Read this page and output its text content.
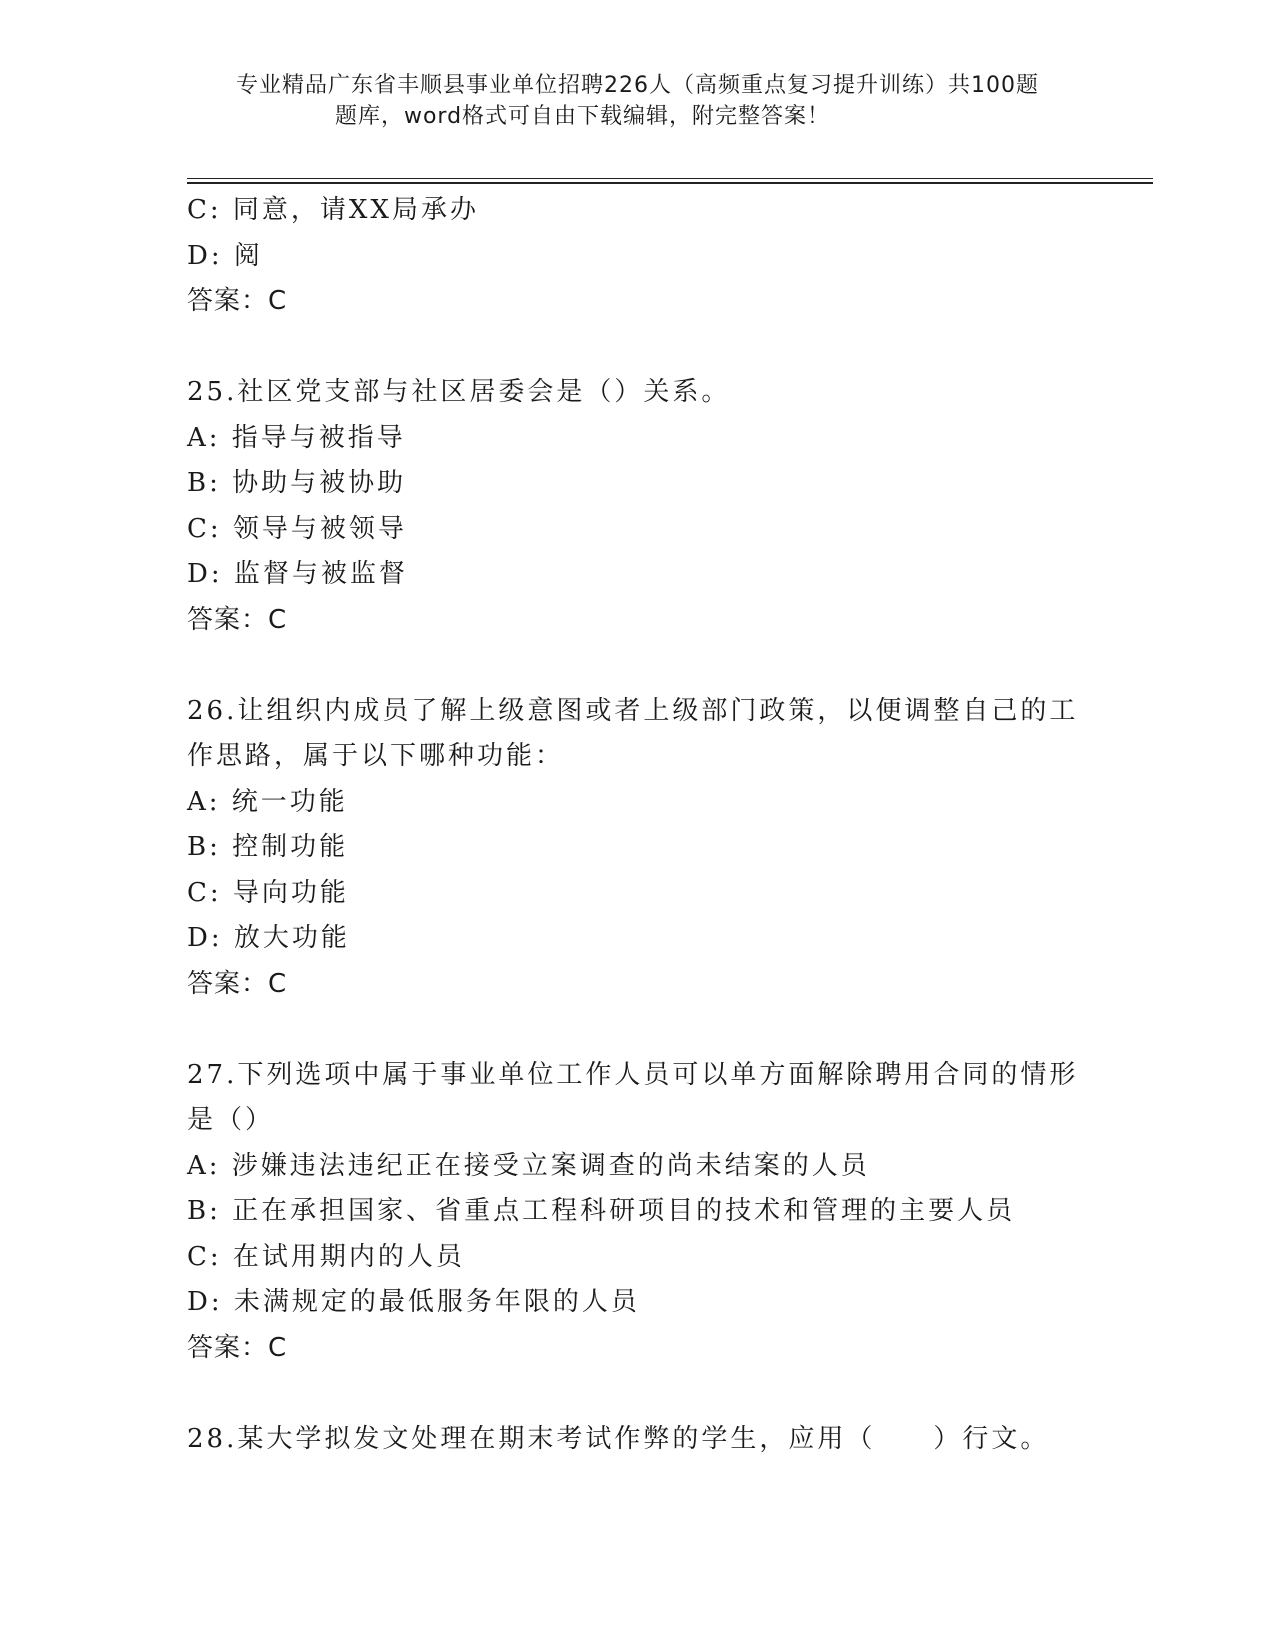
专业精品广东省丰顺县事业单位招聘226人（高频重点复习提升训练）共100题
题库，word格式可自由下载编辑，附完整答案！
C: 同意，请XX局承办
D: 阅
答案：C
25.社区党支部与社区居委会是（）关系。
A: 指导与被指导
B: 协助与被协助
C: 领导与被领导
D: 监督与被监督
答案：C
26.让组织内成员了解上级意图或者上级部门政策，以便调整自己的工
作思路，属于以下哪种功能：
A: 统一功能
B: 控制功能
C: 导向功能
D: 放大功能
答案：C
27.下列选项中属于事业单位工作人员可以单方面解除聘用合同的情形
是（）
A: 涉嫌违法违纪正在接受立案调查的尚未结案的人员
B: 正在承担国家、省重点工程科研项目的技术和管理的主要人员
C: 在试用期内的人员
D: 未满规定的最低服务年限的人员
答案：C
28.某大学拟发文处理在期末考试作弊的学生，应用（　　）行文。
